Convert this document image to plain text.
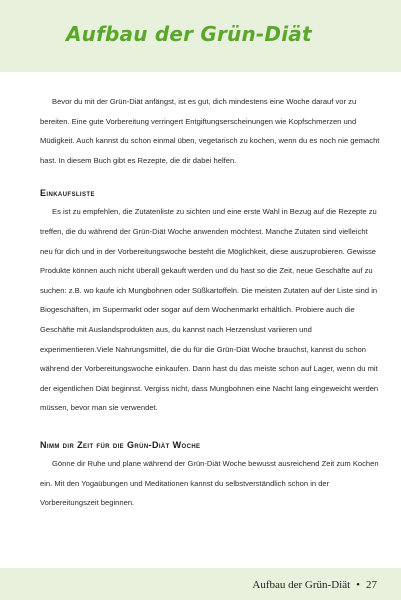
Aufbau der Grün-Diät

Bevor du mit der Grün-Diät anfängst, ist es gut, dich mindestens eine Woche darauf vor zu bereiten. Eine gute Vorbereitung verringert Entgiftungserscheinungen wie Kopfschmerzen und Müdigkeit. Auch kannst du schon einmal üben, vegetarisch zu kochen, wenn du es noch nie gemacht hast. In diesem Buch gibt es Rezepte, die dir dabei helfen.

Einkaufsliste

Es ist zu empfehlen, die Zutatenliste zu sichten und eine erste Wahl in Bezug auf die Rezepte zu treffen, die du während der Grün-Diät Woche anwenden möchtest. Manche Zutaten sind vielleicht neu für dich und in der Vorbereitungswoche besteht die Möglichkeit, diese auszuprobieren. Gewisse Produkte können auch nicht überall gekauft werden und du hast so die Zeit, neue Geschäfte auf zu suchen: z.B. wo kaufe ich Mungbohnen oder Süßkartoffeln. Die meisten Zutaten auf der Liste sind in Biogeschäften, im Supermarkt oder sogar auf dem Wochenmarkt erhältlich. Probiere auch die Geschäfte mit Auslandsprodukten aus, du kannst nach Herzenslust variieren und experimentieren.Viele Nahrungsmittel, die du für die Grün-Diät Woche brauchst, kannst du schon während der Vorbereitungswoche einkaufen. Dann hast du das meiste schon auf Lager, wenn du mit der eigentlichen Diät beginnst. Vergiss nicht, dass Mungbohnen eine Nacht lang eingeweicht werden müssen, bevor man sie verwendet.

Nimm dir Zeit für die Grün-Diät Woche

Gönne dir Ruhe und plane während der Grün-Diät Woche bewusst ausreichend Zeit zum Kochen ein. Mit den Yogaübungen und Meditationen kannst du selbstverständlich schon in der Vorbereitungszeit beginnen.

Aufbau der Grün-Diät • 27
